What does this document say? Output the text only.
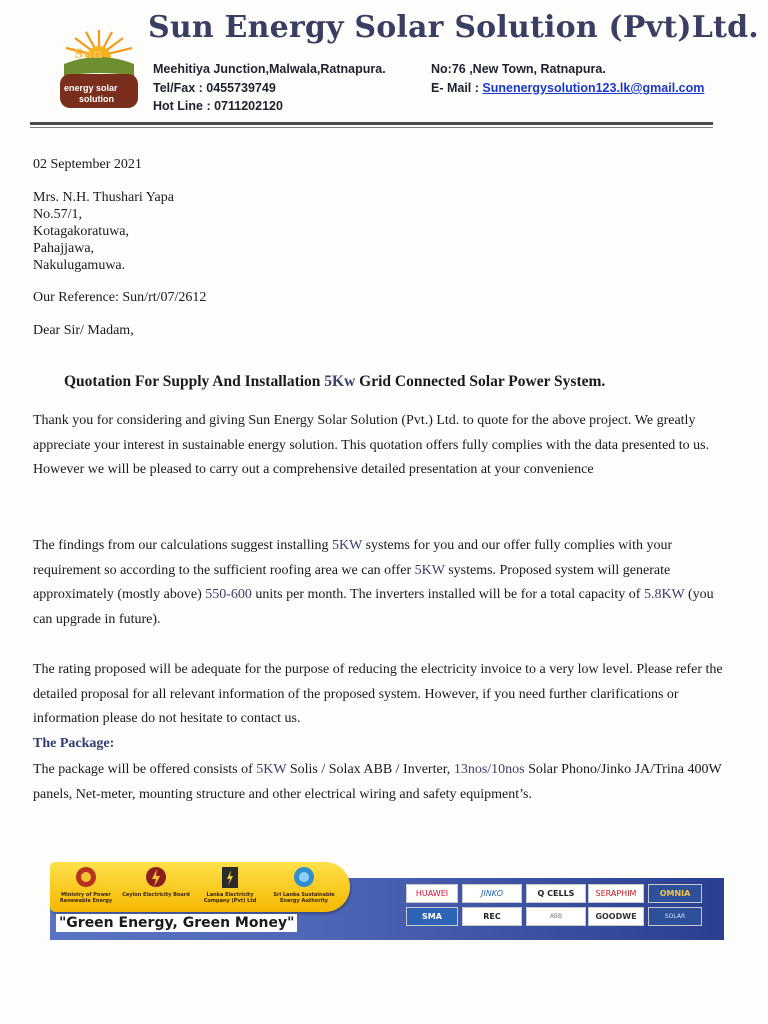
Sun
energy solar
solution
Sun Energy Solar Solution (Pvt)Ltd.
Meehitiya Junction,Malwala,Ratnapura.
Tel/Fax : 0455739749
Hot Line : 0711202120
No:76 ,New Town, Ratnapura.
E- Mail : Sunenergysolution123.lk@gmail.com
02 September 2021
Mrs. N.H. Thushari Yapa
No.57/1,
Kotagakoratuwa,
Pahajjawa,
Nakulugamuwa.
Our Reference: Sun/rt/07/2612
Dear Sir/ Madam,
Quotation For Supply And Installation 5Kw Grid Connected Solar Power System.
Thank you for considering and giving Sun Energy Solar Solution (Pvt.) Ltd. to quote for the above project. We greatly appreciate your interest in sustainable energy solution. This quotation offers fully complies with the data presented to us. However we will be pleased to carry out a comprehensive detailed presentation at your convenience
The findings from our calculations suggest installing 5KW systems for you and our offer fully complies with your requirement so according to the sufficient roofing area we can offer 5KW systems. Proposed system will generate approximately (mostly above) 550-600 units per month. The inverters installed will be for a total capacity of 5.8KW (you can upgrade in future).
The rating proposed will be adequate for the purpose of reducing the electricity invoice to a very low level. Please refer the detailed proposal for all relevant information of the proposed system. However, if you need further clarifications or information please do not hesitate to contact us.
The Package:
The package will be offered consists of 5KW Solis / Solax ABB / Inverter, 13nos/10nos Solar Phono/Jinko JA/Trina 400W panels, Net-meter, mounting structure and other electrical wiring and safety equipment’s.
Ministry of Power Renewable Energy
Ceylon Electricity Board	Lanka Electricity Company (Pvt) Ltd
Sri Lanka Sustainable Energy Authority
"Green Energy, Green Money"
HUAWEI	JINKO	Q CELLS	SERAPHIM	OMNIA
SMA	REC	ABB	GOODWE	SOLAR
